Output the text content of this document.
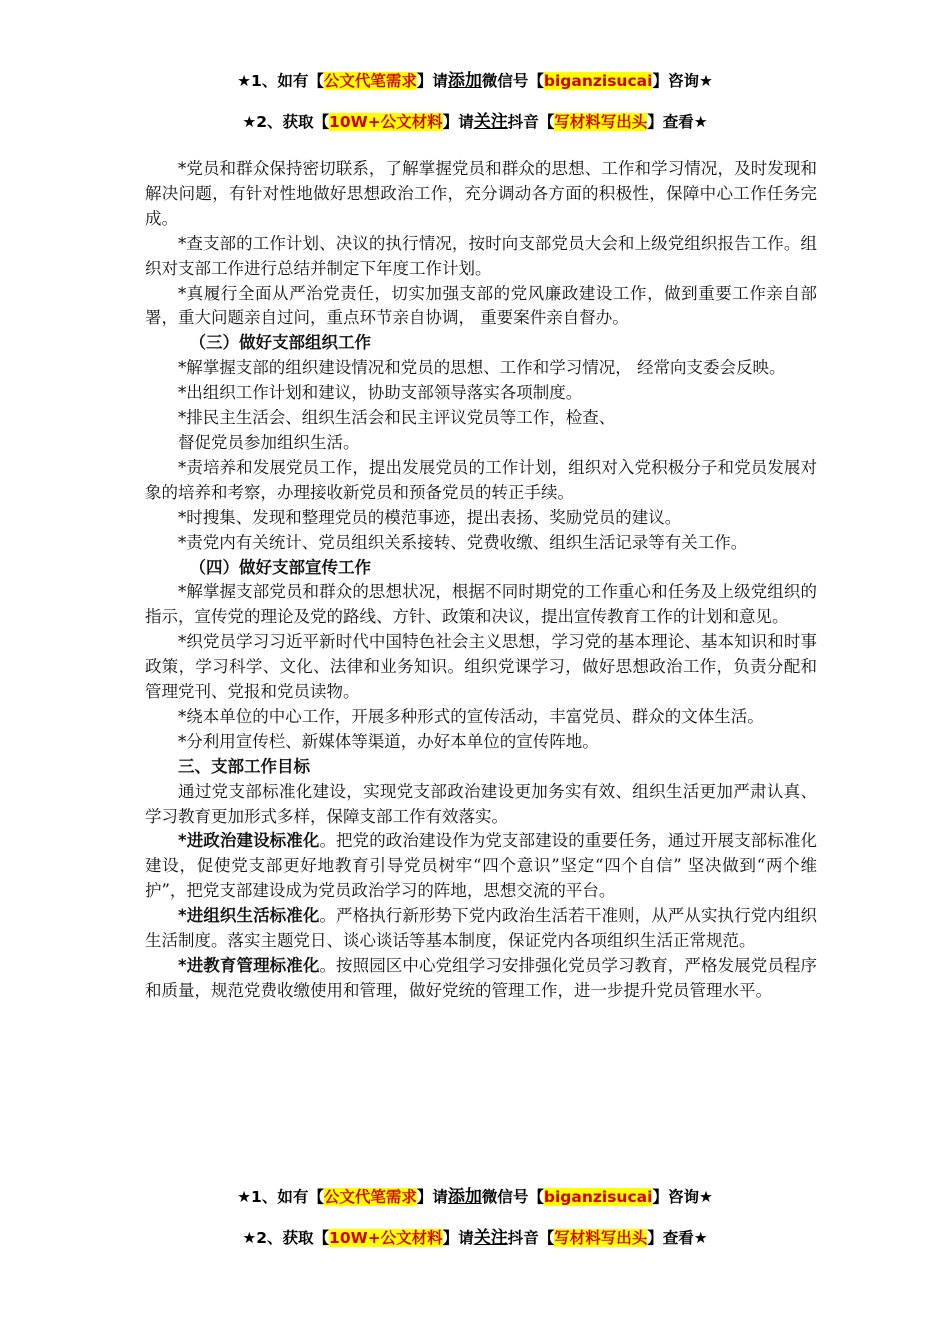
★1、如有【公文代笔需求】请添加微信号【biganzisucai】咨询★
★2、获取【10W+公文材料】请关注抖音【写材料写出头】查看★

*党员和群众保持密切联系，了解掌握党员和群众的思想、工作和学习情况，及时发现和解决问题，有针对性地做好思想政治工作，充分调动各方面的积极性，保障中心工作任务完成。

*查支部的工作计划、决议的执行情况，按时向支部党员大会和上级党组织报告工作。组织对支部工作进行总结并制定下年度工作计划。

*真履行全面从严治党责任，切实加强支部的党风廉政建设工作，做到重要工作亲自部署，重大问题亲自过问，重点环节亲自协调， 重要案件亲自督办。

（三）做好支部组织工作

*解掌握支部的组织建设情况和党员的思想、工作和学习情况， 经常向支委会反映。

*出组织工作计划和建议，协助支部领导落实各项制度。

*排民主生活会、组织生活会和民主评议党员等工作，检查、

督促党员参加组织生活。

*责培养和发展党员工作，提出发展党员的工作计划，组织对入党积极分子和党员发展对象的培养和考察，办理接收新党员和预备党员的转正手续。

*时搜集、发现和整理党员的模范事迹，提出表扬、奖励党员的建议。

*责党内有关统计、党员组织关系接转、党费收缴、组织生活记录等有关工作。

（四）做好支部宣传工作

*解掌握支部党员和群众的思想状况，根据不同时期党的工作重心和任务及上级党组织的指示，宣传党的理论及党的路线、方针、政策和决议，提出宣传教育工作的计划和意见。

*织党员学习习近平新时代中国特色社会主义思想，学习党的基本理论、基本知识和时事政策，学习科学、文化、法律和业务知识。组织党课学习，做好思想政治工作，负责分配和管理党刊、党报和党员读物。

*绕本单位的中心工作，开展多种形式的宣传活动，丰富党员、群众的文体生活。

*分利用宣传栏、新媒体等渠道，办好本单位的宣传阵地。

三、支部工作目标

通过党支部标准化建设，实现党支部政治建设更加务实有效、组织生活更加严肃认真、学习教育更加形式多样，保障支部工作有效落实。

*进政治建设标准化。把党的政治建设作为党支部建设的重要任务，通过开展支部标准化建设，促使党支部更好地教育引导党员树牢“四个意识”坚定“四个自信” 坚决做到“两个维护”，把党支部建设成为党员政治学习的阵地，思想交流的平台。

*进组织生活标准化。严格执行新形势下党内政治生活若干准则，从严从实执行党内组织生活制度。落实主题党日、谈心谈话等基本制度，保证党内各项组织生活正常规范。

*进教育管理标准化。按照园区中心党组学习安排强化党员学习教育，严格发展党员程序和质量，规范党费收缴使用和管理，做好党统的管理工作，进一步提升党员管理水平。

★1、如有【公文代笔需求】请添加微信号【biganzisucai】咨询★
★2、获取【10W+公文材料】请关注抖音【写材料写出头】查看★
